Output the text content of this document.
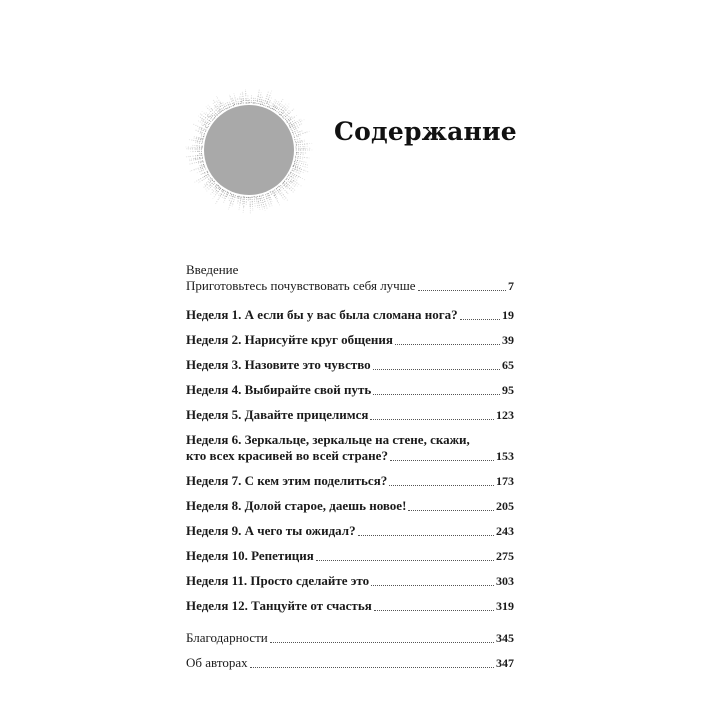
Содержание
Введение
Приготовьтесь почувствовать себя лучше	7
Неделя 1. А если бы у вас была сломана нога?	19
Неделя 2. Нарисуйте круг общения	39
Неделя 3. Назовите это чувство	65
Неделя 4. Выбирайте свой путь	95
Неделя 5. Давайте прицелимся	123
Неделя 6. Зеркальце, зеркальце на стене, скажи,
кто всех красивей во всей стране?	153
Неделя 7. С кем этим поделиться?	173
Неделя 8. Долой старое, даешь новое!	205
Неделя 9. А чего ты ожидал?	243
Неделя 10. Репетиция	275
Неделя 11. Просто сделайте это	303
Неделя 12. Танцуйте от счастья	319
Благодарности	345
Об авторах	347
